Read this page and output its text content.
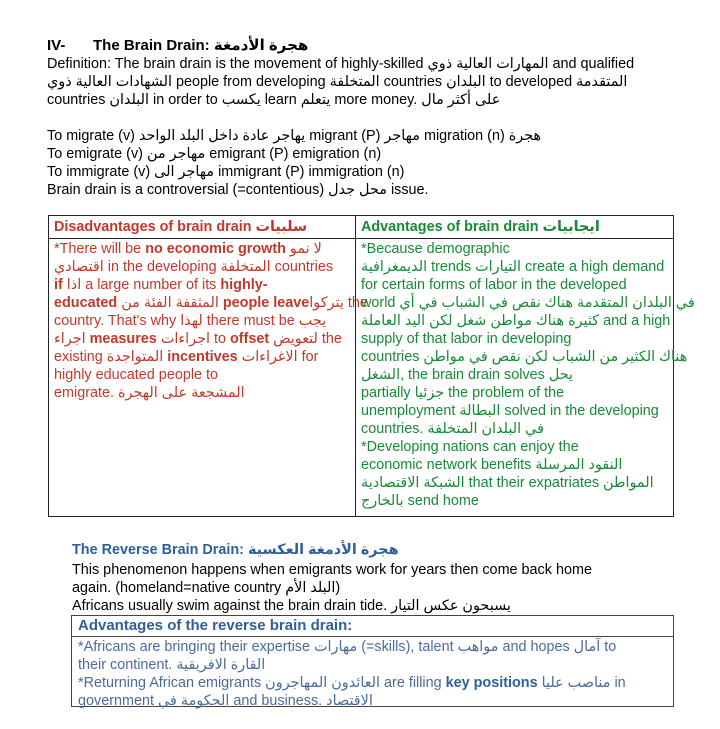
IV- The Brain Drain: هجرة الأدمغة

Definition: The brain drain is the movement of highly-skilled المهارات العالية ذوي and qualified

الشهادات العالية ذوي people from developing المتخلفة countries البلدان to developed المتقدمة

countries البلدان in order to يكسب learn يتعلم more money. على أكثر مال

To migrate (v) يهاجر عادة داخل البلد الواحد migrant (P) مهاجر migration (n) هجرة

To emigrate (v) مهاجر من emigrant (P) emigration (n)

To immigrate (v) مهاجر الى immigrant (P) immigration (n)

Brain drain is a controversial (=contentious) محل جدل issue.

Disadvantages of brain drain سلبيات

*There will be no economic growth لا نمو

اقتصادي in the developing المتخلفة countries

if اذا a large number of its highly-

educated المثقفة الفئة من people leaveيتركوا the

country. That's why لهذا there must be يجب

اجراء measures اجراءات to offset لتعويض the

existing المتواجدة incentives الاغراءات for

highly educated people to

emigrate. المشجعة على الهجرة

Advantages of brain drain ايجابيات

*Because demographic

الديمغرافية trends التيارات create a high demand

for certain forms of labor in the developed

world في البلدان المتقدمة هناك نقص في الشباب في أي

كثيرة هناك مواطن شغل لكن اليد العاملة and a high

supply of that labor in developing

countries هناك الكثير من الشباب لكن نقص في مواطن

الشغل, the brain drain solves يحل

partially جزئيا the problem of the

unemployment البطالة solved in the developing

countries. في البلدان المتخلفة

*Developing nations can enjoy the

economic network benefits النقود المرسلة

الشبكة الاقتصادية that their expatriates المواطن

بالخارج send home

The Reverse Brain Drain: هجرة الأدمغة العكسية

This phenomenon happens when emigrants work for years then come back home

again. (homeland=native country البلد الأم)

Africans usually swim against the brain drain tide. يسبحون عكس التيار

Advantages of the reverse brain drain:

*Africans are bringing their expertise مهارات (=skills), talent مواهب and hopes آمال to

their continent. القارة الافريقية

*Returning African emigrants العائدون المهاجرون are filling key positions مناصب عليا in

government الحكومة في and business. الاقتصاد
